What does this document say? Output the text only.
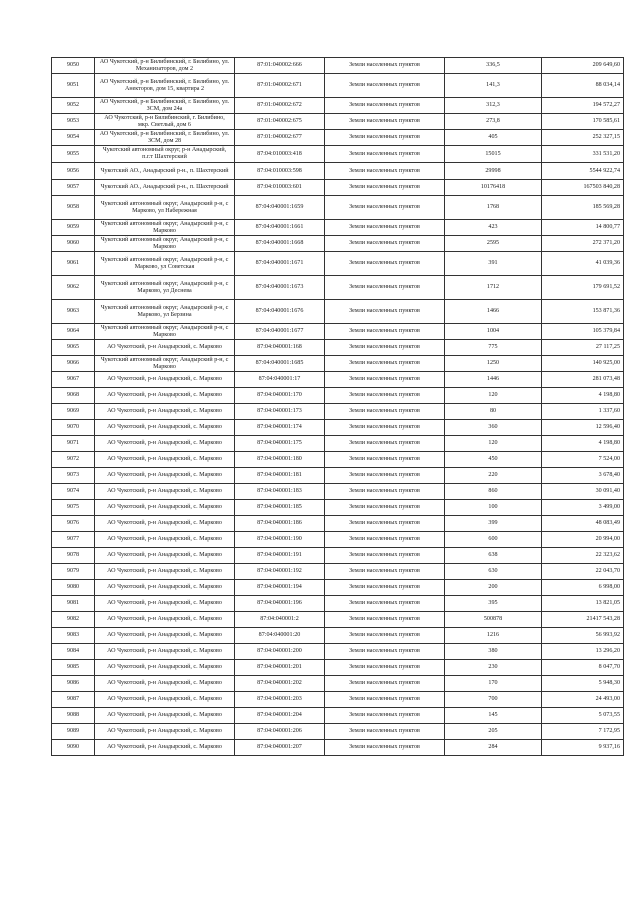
9050	АО Чукотский, р-н Билибинский, г. Билибино, ул. Механизаторов, дом 2	87:01:040002:666	Земли населенных пунктов	336,5	209 649,60
9051	АО Чукотский, р-н Билибинский, г. Билибино, ул. Анекторов, дом 15, квартира 2	87:01:040002:671	Земли населенных пунктов	141,3	88 034,14
9052	АО Чукотский, р-н Билибинский, г. Билибино, ул. ЗСМ, дом 24а	87:01:040002:672	Земли населенных пунктов	312,3	194 572,27
9053	АО Чукотский, р-н Билибинский, г. Билибино, мкр. Светлый, дом 6	87:01:040002:675	Земли населенных пунктов	273,8	170 585,61
9054	АО Чукотский, р-н Билибинский, г. Билибино, ул. ЗСМ, дом 28	87:01:040002:677	Земли населенных пунктов	405	252 327,15
9055	Чукотский автономный округ, р-н Анадырский, п.г.т Шахтерский	87:04:010003:418	Земли населенных пунктов	15015	331 531,20
9056	Чукотский АО., Анадырский р-н., п. Шахтерский	87:04:010003:598	Земли населенных пунктов	29998	5544 922,74
9057	Чукотский АО., Анадырский р-н., п. Шахтерский	87:04:010003:601	Земли населенных пунктов	10176418	167503 840,28
9058	Чукотский автономный округ, Анадырский р-н, с Марково, ул Набережная	87:04:040001:1659	Земли населенных пунктов	1768	185 569,28
9059	Чукотский автономный округ, Анадырский р-н, с Марково	87:04:040001:1661	Земли населенных пунктов	423	14 800,77
9060	Чукотский автономный округ, Анадырский р-н, с Марково	87:04:040001:1668	Земли населенных пунктов	2595	272 371,20
9061	Чукотский автономный округ, Анадырский р-н, с Марково, ул Советская	87:04:040001:1671	Земли населенных пунктов	391	41 039,36
9062	Чукотский автономный округ, Анадырский р-н, с Марково, ул Деснева	87:04:040001:1673	Земли населенных пунктов	1712	179 691,52
9063	Чукотский автономный округ, Анадырский р-н, с Марково, ул Берзина	87:04:040001:1676	Земли населенных пунктов	1466	153 871,36
9064	Чукотский автономный округ, Анадырский р-н, с Марково	87:04:040001:1677	Земли населенных пунктов	1004	105 379,84
9065	АО Чукотский, р-н Анадырский, с. Марково	87:04:040001:168	Земли населенных пунктов	775	27 117,25
9066	Чукотский автономный округ, Анадырский р-н, с Марково	87:04:040001:1685	Земли населенных пунктов	1250	140 925,00
9067	АО Чукотский, р-н Анадырский, с. Марково	87:04:040001:17	Земли населенных пунктов	1446	281 073,48
9068	АО Чукотский, р-н Анадырский, с. Марково	87:04:040001:170	Земли населенных пунктов	120	4 198,80
9069	АО Чукотский, р-н Анадырский, с. Марково	87:04:040001:173	Земли населенных пунктов	80	1 337,60
9070	АО Чукотский, р-н Анадырский, с. Марково	87:04:040001:174	Земли населенных пунктов	360	12 596,40
9071	АО Чукотский, р-н Анадырский, с. Марково	87:04:040001:175	Земли населенных пунктов	120	4 198,80
9072	АО Чукотский, р-н Анадырский, с. Марково	87:04:040001:180	Земли населенных пунктов	450	7 524,00
9073	АО Чукотский, р-н Анадырский, с. Марково	87:04:040001:181	Земли населенных пунктов	220	3 678,40
9074	АО Чукотский, р-н Анадырский, с. Марково	87:04:040001:183	Земли населенных пунктов	860	30 091,40
9075	АО Чукотский, р-н Анадырский, с. Марково	87:04:040001:185	Земли населенных пунктов	100	3 499,00
9076	АО Чукотский, р-н Анадырский, с. Марково	87:04:040001:186	Земли населенных пунктов	399	48 083,49
9077	АО Чукотский, р-н Анадырский, с. Марково	87:04:040001:190	Земли населенных пунктов	600	20 994,00
9078	АО Чукотский, р-н Анадырский, с. Марково	87:04:040001:191	Земли населенных пунктов	638	22 323,62
9079	АО Чукотский, р-н Анадырский, с. Марково	87:04:040001:192	Земли населенных пунктов	630	22 043,70
9080	АО Чукотский, р-н Анадырский, с. Марково	87:04:040001:194	Земли населенных пунктов	200	6 998,00
9081	АО Чукотский, р-н Анадырский, с. Марково	87:04:040001:196	Земли населенных пунктов	395	13 821,05
9082	АО Чукотский, р-н Анадырский, с. Марково	87:04:040001:2	Земли населенных пунктов	500878	21417 543,28
9083	АО Чукотский, р-н Анадырский, с. Марково	87:04:040001:20	Земли населенных пунктов	1216	56 993,92
9084	АО Чукотский, р-н Анадырский, с. Марково	87:04:040001:200	Земли населенных пунктов	380	13 296,20
9085	АО Чукотский, р-н Анадырский, с. Марково	87:04:040001:201	Земли населенных пунктов	230	8 047,70
9086	АО Чукотский, р-н Анадырский, с. Марково	87:04:040001:202	Земли населенных пунктов	170	5 948,30
9087	АО Чукотский, р-н Анадырский, с. Марково	87:04:040001:203	Земли населенных пунктов	700	24 493,00
9088	АО Чукотский, р-н Анадырский, с. Марково	87:04:040001:204	Земли населенных пунктов	145	5 073,55
9089	АО Чукотский, р-н Анадырский, с. Марково	87:04:040001:206	Земли населенных пунктов	205	7 172,95
9090	АО Чукотский, р-н Анадырский, с. Марково	87:04:040001:207	Земли населенных пунктов	284	9 937,16
